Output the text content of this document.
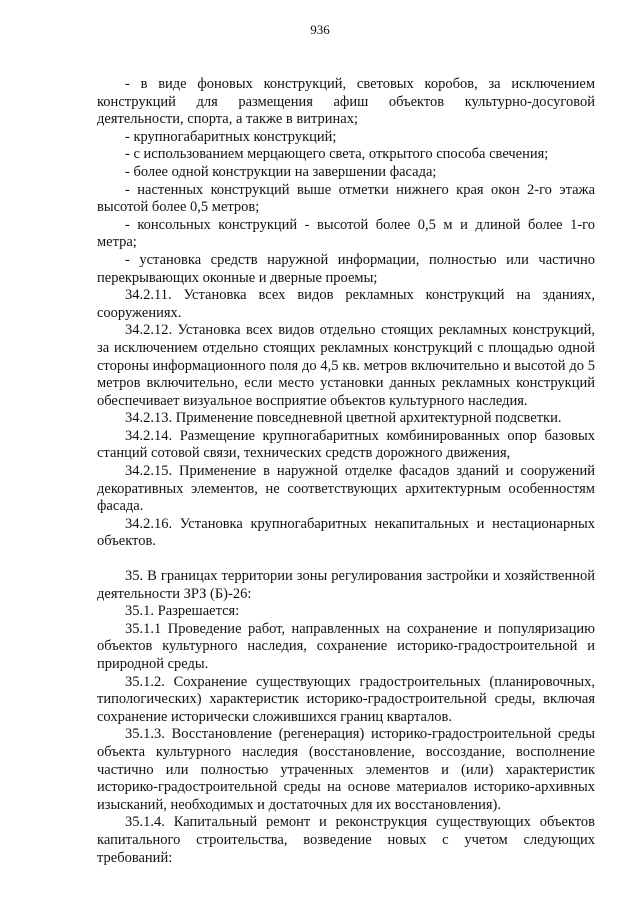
936

- в виде фоновых конструкций, световых коробов, за исключением конструкций для размещения афиш объектов культурно-досуговой деятельности, спорта, а также в витринах;

- крупногабаритных конструкций;

- с использованием мерцающего света, открытого способа свечения;

- более одной конструкции на завершении фасада;

- настенных конструкций выше отметки нижнего края окон 2-го этажа высотой более 0,5 метров;

- консольных конструкций - высотой более 0,5 м и длиной более 1-го метра;

- установка средств наружной информации, полностью или частично перекрывающих оконные и дверные проемы;

34.2.11. Установка всех видов рекламных конструкций на зданиях, сооружениях.

34.2.12. Установка всех видов отдельно стоящих рекламных конструкций, за исключением отдельно стоящих рекламных конструкций с площадью одной стороны информационного поля до 4,5 кв. метров включительно и высотой до 5 метров включительно, если место установки данных рекламных конструкций обеспечивает визуальное восприятие объектов культурного наследия.

34.2.13. Применение повседневной цветной архитектурной подсветки.

34.2.14. Размещение крупногабаритных комбинированных опор базовых станций сотовой связи, технических средств дорожного движения,

34.2.15. Применение в наружной отделке фасадов зданий и сооружений декоративных элементов, не соответствующих архитектурным особенностям фасада.

34.2.16. Установка крупногабаритных некапитальных и нестационарных объектов.

35. В границах территории зоны регулирования застройки и хозяйственной деятельности ЗРЗ (Б)-26:

35.1. Разрешается:

35.1.1 Проведение работ, направленных на сохранение и популяризацию объектов культурного наследия, сохранение историко-градостроительной и природной среды.

35.1.2. Сохранение существующих градостроительных (планировочных, типологических) характеристик историко-градостроительной среды, включая сохранение исторически сложившихся границ кварталов.

35.1.3. Восстановление (регенерация) историко-градостроительной среды объекта культурного наследия (восстановление, воссоздание, восполнение частично или полностью утраченных элементов и (или) характеристик историко-градостроительной среды на основе материалов историко-архивных изысканий, необходимых и достаточных для их восстановления).

35.1.4. Капитальный ремонт и реконструкция существующих объектов капитального строительства, возведение новых с учетом следующих требований:
